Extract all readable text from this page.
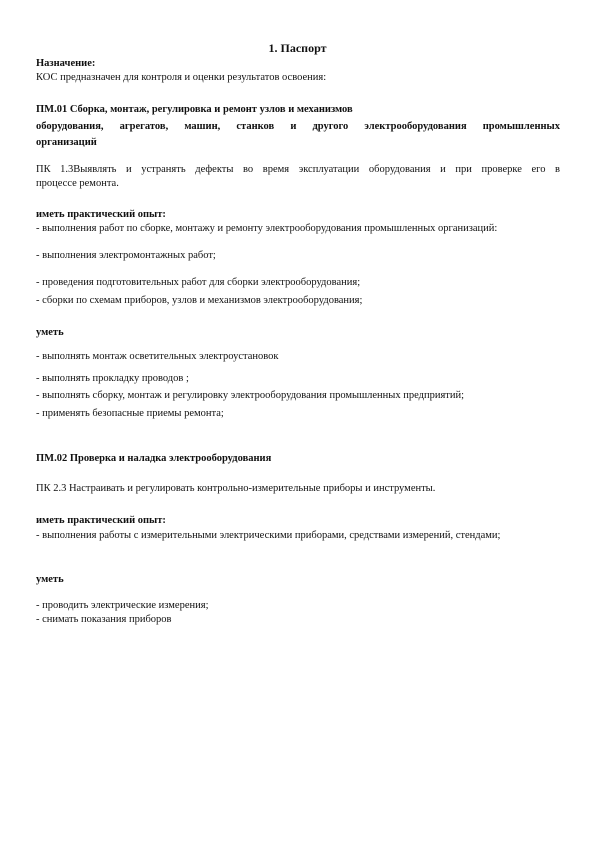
1. Паспорт

Назначение:

КОС предназначен для контроля и оценки результатов освоения:

ПМ.01 Сборка, монтаж, регулировка и ремонт узлов и механизмов

оборудования, агрегатов, машин, станков и другого электрооборудования промышленных

организаций

ПК 1.3Выявлять и устранять дефекты во время эксплуатации оборудования и при проверке его в

процессе ремонта.

иметь практический опыт:

- выполнения работ по сборке, монтажу и ремонту электрооборудования промышленных организаций:

- выполнения электромонтажных работ;

- проведения подготовительных работ для сборки электрооборудования;

- сборки по схемам приборов, узлов и механизмов электрооборудования;

уметь

- выполнять монтаж осветительных электроустановок

- выполнять прокладку проводов ;

- выполнять сборку, монтаж и регулировку электрооборудования промышленных предприятий;

- применять безопасные приемы ремонта;

ПМ.02 Проверка и наладка электрооборудования

ПК 2.3 Настраивать и регулировать контрольно-измерительные приборы и инструменты.

иметь практический опыт:

- выполнения работы с измерительными электрическими приборами, средствами измерений, стендами;

уметь

- проводить электрические измерения;

- снимать показания приборов
